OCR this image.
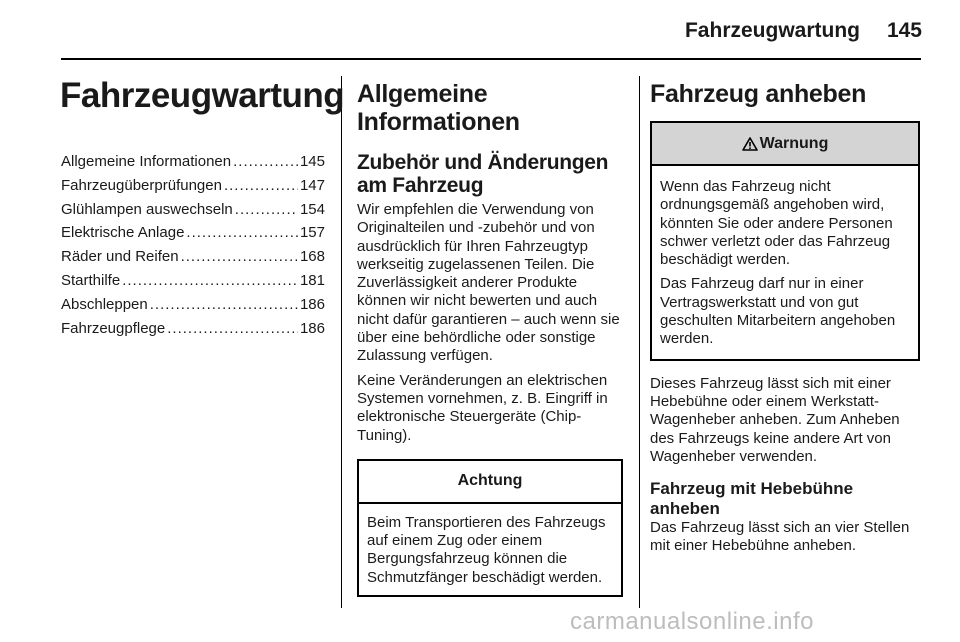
Fahrzeugwartung	145
Fahrzeugwartung
Allgemeine Informationen .....	145
Fahrzeugüberprüfungen .....	147
Glühlampen auswechseln .....	154
Elektrische Anlage .....	157
Räder und Reifen .....	168
Starthilfe .....	181
Abschleppen .....	186
Fahrzeugpflege .....	186
Allgemeine
Informationen
Zubehör und Änderungen
am Fahrzeug

Wir empfehlen die Verwendung von Originalteilen und -zubehör und von ausdrücklich für Ihren Fahrzeugtyp werkseitig zugelassenen Teilen. Die Zuverlässigkeit anderer Produkte können wir nicht bewerten und auch nicht dafür garantieren – auch wenn sie über eine behördliche oder sonstige Zulassung verfügen.

Keine Veränderungen an elektrischen Systemen vornehmen, z. B. Eingriff in elektronische Steuergeräte (Chip-Tuning).

Achtung

Beim Transportieren des Fahrzeugs auf einem Zug oder einem Bergungsfahrzeug können die Schmutzfänger beschädigt werden.

Fahrzeug anheben
Warnung

Wenn das Fahrzeug nicht ordnungsgemäß angehoben wird, könnten Sie oder andere Personen schwer verletzt oder das Fahrzeug beschädigt werden.

Das Fahrzeug darf nur in einer Vertragswerkstatt und von gut geschulten Mitarbeitern angehoben werden.

Dieses Fahrzeug lässt sich mit einer Hebebühne oder einem Werkstatt-Wagenheber anheben. Zum Anheben des Fahrzeugs keine andere Art von Wagenheber verwenden.

Fahrzeug mit Hebebühne
anheben

Das Fahrzeug lässt sich an vier Stellen mit einer Hebebühne anheben.

carmanualsonline.info
